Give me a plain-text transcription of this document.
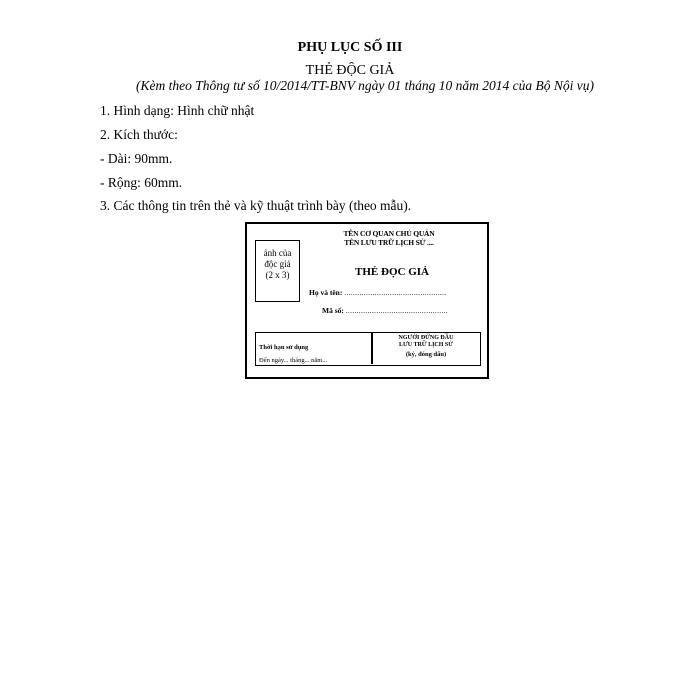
PHỤ LỤC SỐ III
THẺ ĐỘC GIẢ
(Kèm theo Thông tư số 10/2014/TT-BNV ngày 01 tháng 10 năm 2014 của Bộ Nội vụ)
1. Hình dạng: Hình chữ nhật
2. Kích thước:
- Dài: 90mm.
- Rộng: 60mm.
3. Các thông tin trên thẻ và kỹ thuật trình bày (theo mẫu).
ảnh của
độc giả
(2 x 3)
TÊN CƠ QUAN CHỦ QUẢN
TÊN LƯU TRỮ LỊCH SỬ ....
THẺ ĐỌC GIẢ
Họ và tên: ...............................................
Mã số: ...............................................
Thời hạn sử dụng
Đến ngày... tháng... năm...
NGƯỜI ĐỨNG ĐẦU
LƯU TRỮ LỊCH SỬ
(ký, đóng dấu)
